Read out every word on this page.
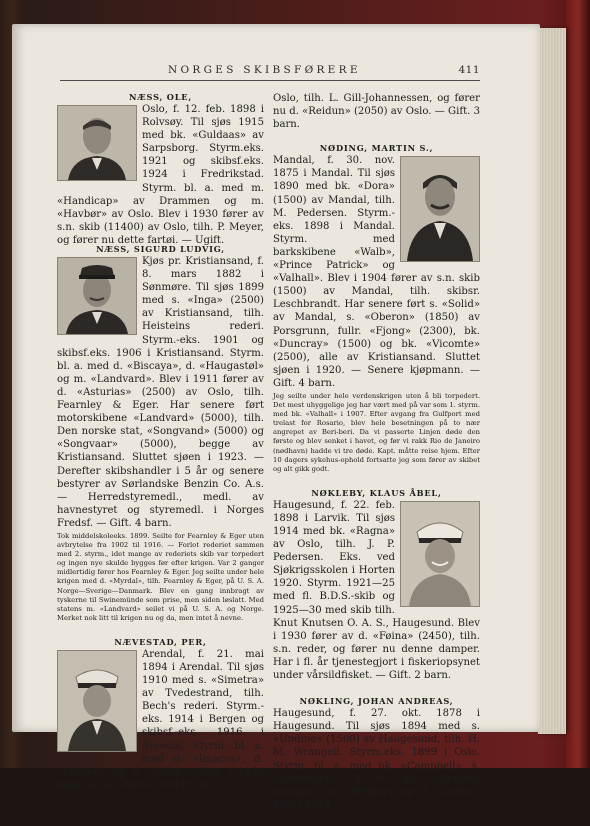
NORGES SKIBSFØRERE	411
NÆSS, OLE,
Oslo, f. 12. feb. 1898 i Rolvsøy. Til sjøs 1915 med bk. «Guldaas» av Sarpsborg. Styrm.eks. 1921 og skibsf.eks. 1924 i Fredrikstad. Styrm. bl. a. med m. «Handicap» av Drammen og m. «Havbør» av Oslo. Blev i 1930 fører av s.n. skib (11400) av Oslo, tilh. P. Meyer, og fører nu dette fartøi. — Ugift.
NÆSS, SIGURD LUDVIG,
Kjøs pr. Kristiansand, f. 8. mars 1882 i Sønmøre. Til sjøs 1899 med s. «Inga» (2500) av Kristiansand, tilh. Heisteins rederi. Styrm.-eks. 1901 og skibsf.eks. 1906 i Kristiansand. Styrm. bl. a. med d. «Biscaya», d. «Haugastøl» og m. «Landvard». Blev i 1911 fører av d. «Asturias» (2500) av Oslo, tilh. Fearnley & Eger. Har senere ført motorskibene «Landvard» (5000), tilh. Den norske stat, «Songvand» (5000) og «Songvaar» (5000), begge av Kristiansand. Sluttet sjøen i 1923. — Derefter skibshandler i 5 år og senere bestyrer av Sørlandske Benzin Co. A.s. — Herredstyremedl., medl. av havnestyret og styremedl. i Norges Fredsf. — Gift. 4 barn.
Tok middelskoleeks. 1899. Seilte for Fearnley & Eger uten avbrytelse fra 1902 til 1916. — Forlot rederiet sammen med 2. styrm., idet mange av rederiets skib var torpedert og ingen nye skulde bygges før efter krigen. Var 2 ganger midlertidig fører hos Fearnley & Eger. Jeg seilte under hele krigen med d. «Myrdal», tilh. Fearnley & Eger, på U. S. A. Norge—Sverige—Danmark. Blev en gang innbragt av tyskerne til Swinemünde som prise, men siden løslatt. Med statens m. «Landvard» seilet vi på U. S. A. og Norge. Merket nok litt til krigen nu og da, men intet å nevne.
NÆVESTAD, PER,
Arendal, f. 21. mai 1894 i Arendal. Til sjøs 1910 med s. «Simetra» av Tvedestrand, tilh. Bech's rederi. Styrm.-eks. 1914 i Bergen og skibsf.-eks. 1916 i Arendal. Styrm. bl. a. med d. «Imacos», d. «Freden» og d. «Matti». Blev i 1930 fører av m. «Beth» (10475) av
Oslo, tilh. L. Gill-Johannessen, og fører nu d. «Reidun» (2050) av Oslo. — Gift. 3 barn.
NØDING, MARTIN S.,
Mandal, f. 30. nov. 1875 i Mandal. Til sjøs 1890 med bk. «Dora» (1500) av Mandal, tilh. M. Pedersen. Styrm.-eks. 1898 i Mandal. Styrm. med barkskibene «Walb», «Prince Patrick» og «Valhall». Blev i 1904 fører av s.n. skib (1500) av Mandal, tilh. skibsr. Leschbrandt. Har senere ført s. «Solid» av Mandal, s. «Oberon» (1850) av Porsgrunn, fullr. «Fjong» (2300), bk. «Duncray» (1500) og bk. «Vicomte» (2500), alle av Kristiansand. Sluttet sjøen i 1920. — Senere kjøpmann. — Gift. 4 barn.
Jeg seilte under hele verdenskrigen uten å bli torpedert. Det mest uhyggelige jeg har vært med på var som 1. styrm. med bk. «Valhall» i 1907. Efter avgang fra Gulfport med trelast for Rosario, blev hele besetningen på to nær angrepet av Beri-beri. Da vi passerte Linjen døde den første og blev senket i havet, og før vi rakk Rio de Janeiro (nødhavn) hadde vi tre døde. Kapt. måtte reise hjem. Efter 10 dagers sykehus-ophold fortsatte jeg som fører av skibet og alt gikk godt.
NØKLEBY, KLAUS ÅBEL,
Haugesund, f. 22. feb. 1898 i Larvik. Til sjøs 1914 med bk. «Ragna» av Oslo, tilh. J. P. Pedersen. Eks. ved Sjøkrigsskolen i Horten 1920. Styrm. 1921—25 med fl. B.D.S.-skib og 1925—30 med skib tilh. Knut Knutsen O. A. S., Haugesund. Blev i 1930 fører av d. «Føina» (2450), tilh. s.n. reder, og fører nu denne damper. Har i fl. år tjenestegjort i fiskeriopsynet under vårsildfisket. — Gift. 2 barn.
NØKLING, JOHAN ANDREAS,
Haugesund, f. 27. okt. 1878 i Haugesund. Til sjøs 1894 med s. «Undine» (1500) av Haugesund, tilh. H. M. Wrangell. Styrm.eks. 1899 i Oslo. Styrm. bl. a. med bk. «Campbell», s. «Særimner», 4 m. bk. «General Gordon», d. «Steinar» og d. «Dicto». Blev i 1912
